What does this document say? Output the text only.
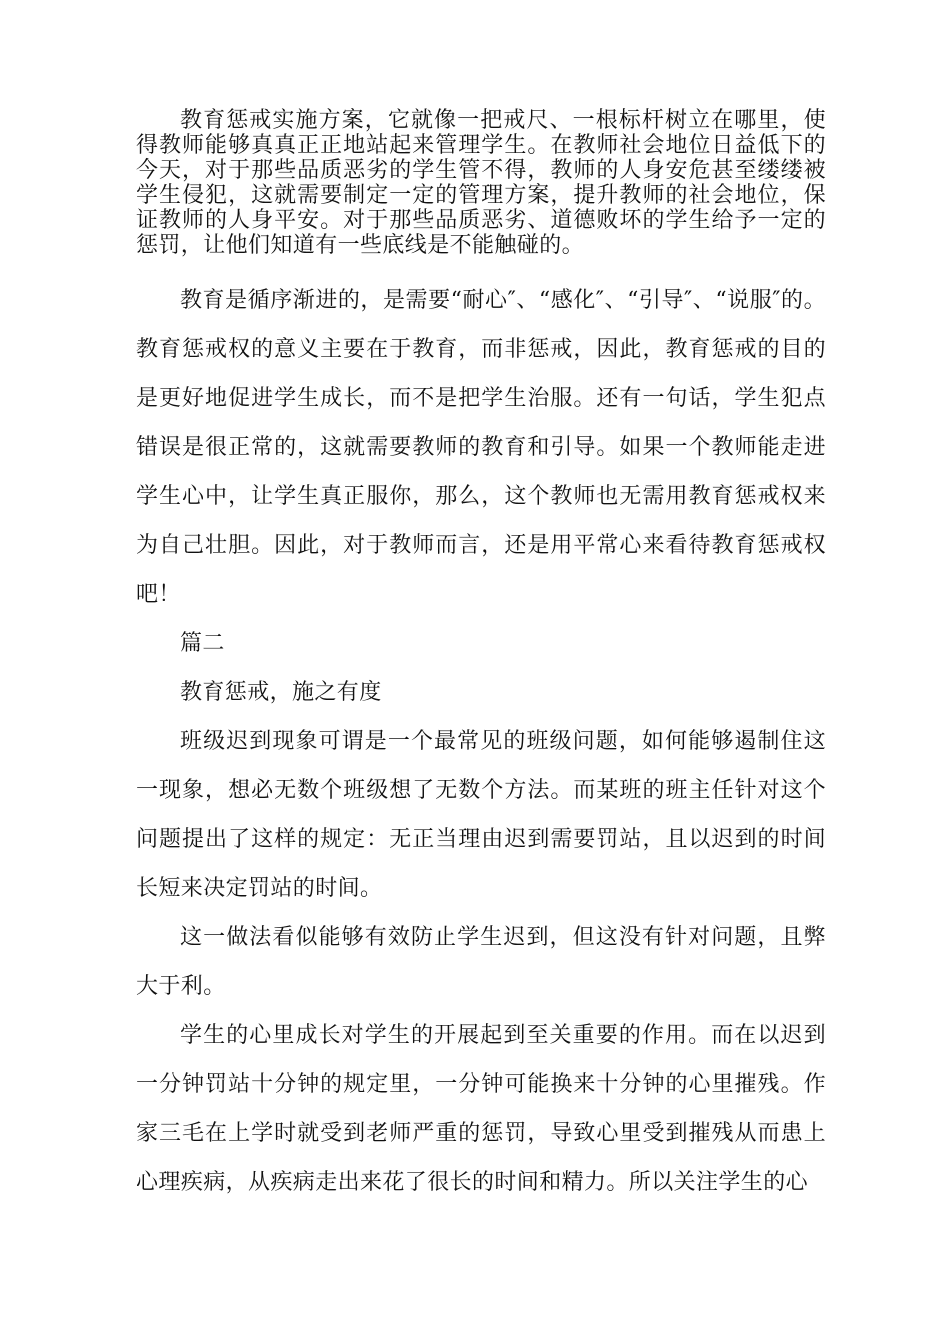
教育惩戒实施方案，它就像一把戒尺、一根标杆树立在哪里，使得教师能够真真正正地站起来管理学生。在教师社会地位日益低下的今天，对于那些品质恶劣的学生管不得，教师的人身安危甚至缕缕被学生侵犯，这就需要制定一定的管理方案，提升教师的社会地位，保证教师的人身平安。对于那些品质恶劣、道德败坏的学生给予一定的惩罚，让他们知道有一些底线是不能触碰的。

教育是循序渐进的，是需要“耐心″、“感化″、“引导″、“说服″的。教育惩戒权的意义主要在于教育，而非惩戒，因此，教育惩戒的目的是更好地促进学生成长，而不是把学生治服。还有一句话，学生犯点错误是很正常的，这就需要教师的教育和引导。如果一个教师能走进学生心中，让学生真正服你，那么，这个教师也无需用教育惩戒权来为自己壮胆。因此，对于教师而言，还是用平常心来看待教育惩戒权吧！

篇二

教育惩戒，施之有度

班级迟到现象可谓是一个最常见的班级问题，如何能够遏制住这一现象，想必无数个班级想了无数个方法。而某班的班主任针对这个问题提出了这样的规定：无正当理由迟到需要罚站，且以迟到的时间长短来决定罚站的时间。

这一做法看似能够有效防止学生迟到，但这没有针对问题，且弊大于利。

学生的心里成长对学生的开展起到至关重要的作用。而在以迟到一分钟罚站十分钟的规定里，一分钟可能换来十分钟的心里摧残。作家三毛在上学时就受到老师严重的惩罚，导致心里受到摧残从而患上心理疾病，从疾病走出来花了很长的时间和精力。所以关注学生的心
